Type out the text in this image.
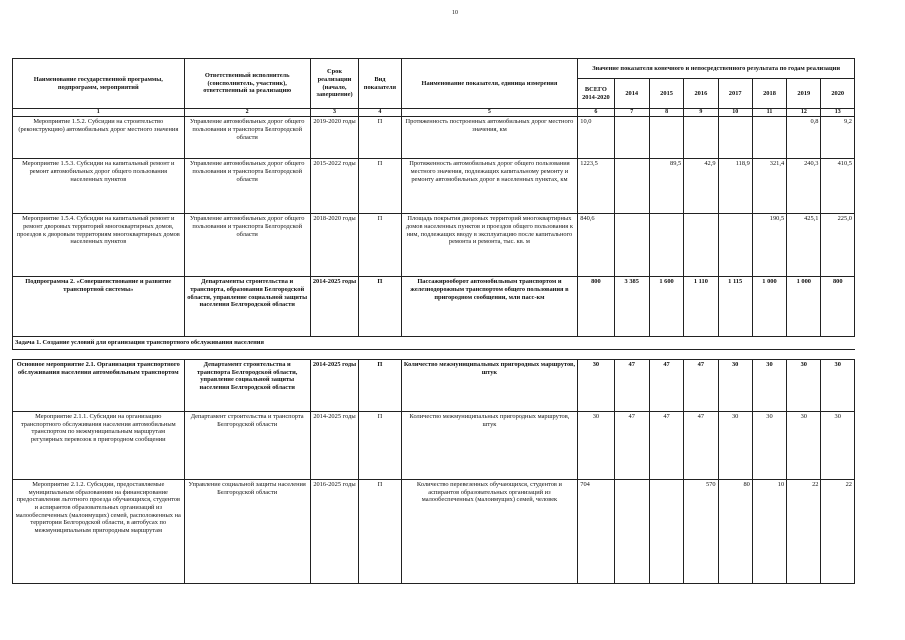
10
Наименование государственной программы, подпрограмм, мероприятий	Ответственный исполнитель (соисполнитель, участник), ответственный за реализацию	Срок реализации (начало, завершение)	Вид показателя	Наименование показателя, единица измерения	Значение показателя конечного и непосредственного результата по годам реализации							
					ВСЕГО 2014-2020	2014	2015	2016	2017	2018	2019	2020
1	2	3	4	5	6	7	8	9	10	11	12	13
Мероприятие 1.5.2. Субсидии на строительство (реконструкцию) автомобильных дорог местного значения	Управление автомобильных дорог общего пользования и транспорта Белгородской области	2019-2020 годы	П	Протяженность построенных автомобильных дорог местного значения, км	10,0						0,8	9,2
Мероприятие 1.5.3. Субсидии на капитальный ремонт и ремонт автомобильных дорог общего пользования населенных пунктов	Управление автомобильных дорог общего пользования и транспорта Белгородской области	2015-2022 годы	П	Протяженность автомобильных дорог общего пользования местного значения, подлежащих капитальному ремонту и ремонту автомобильных дорог в населенных пунктах, км	1223,5		89,5	42,9	118,9	321,4	240,3	410,5
Мероприятие 1.5.4. Субсидии на капитальный ремонт и ремонт дворовых территорий многоквартирных домов, проездов к дворовым территориям многоквартирных домов населенных пунктов	Управление автомобильных дорог общего пользования и транспорта Белгородской области	2018-2020 годы	П	Площадь покрытия дворовых территорий многоквартирных домов населенных пунктов и проездов общего пользования к ним, подлежащих вводу в эксплуатацию после капитального ремонта и ремонта, тыс. кв. м	840,6					190,5	425,1	225,0
Подпрограмма 2. «Совершенствование и развитие транспортной системы»	Департаменты строительства и транспорта, образования Белгородской области, управление социальной защиты населения Белгородской области	2014-2025 годы	П	Пассажирооборот автомобильным транспортом и железнодорожным транспортом общего пользования в пригородном сообщении, млн пасс-км	800	3 385	1 600	1 110	1 115	1 000	1 000	800
Задача 1. Создание условий для организации транспортного обслуживания населения												

Основное мероприятие 2.1. Организация транспортного обслуживания населения автомобильным транспортом	Департамент строительства и транспорта Белгородской области, управление социальной защиты населения Белгородской области	2014-2025 годы	П	Количество межмуниципальных пригородных маршрутов, штук	30	47	47	47	30	30	30	30
Мероприятие 2.1.1. Субсидии на организацию транспортного обслуживания населения автомобильным транспортом по межмуниципальным маршрутам регулярных перевозок в пригородном сообщении	Департамент строительства и транспорта Белгородской области	2014-2025 годы	П	Количество межмуниципальных пригородных маршрутов, штук	30	47	47	47	30	30	30	30
Мероприятие 2.1.2. Субсидии, предоставляемые муниципальным образованиям на финансирование предоставления льготного проезда обучающихся, студентов и аспирантов образовательных организаций из малообеспеченных (малоимущих) семей, расположенных на территории Белгородской области, в автобусах по межмуниципальным пригородным маршрутам	Управление социальной защиты населения Белгородской области	2016-2025 годы	П	Количество перевезенных обучающихся, студентов и аспирантов образовательных организаций из малообеспеченных (малоимущих) семей, человек	704			570	80	10	22	22
